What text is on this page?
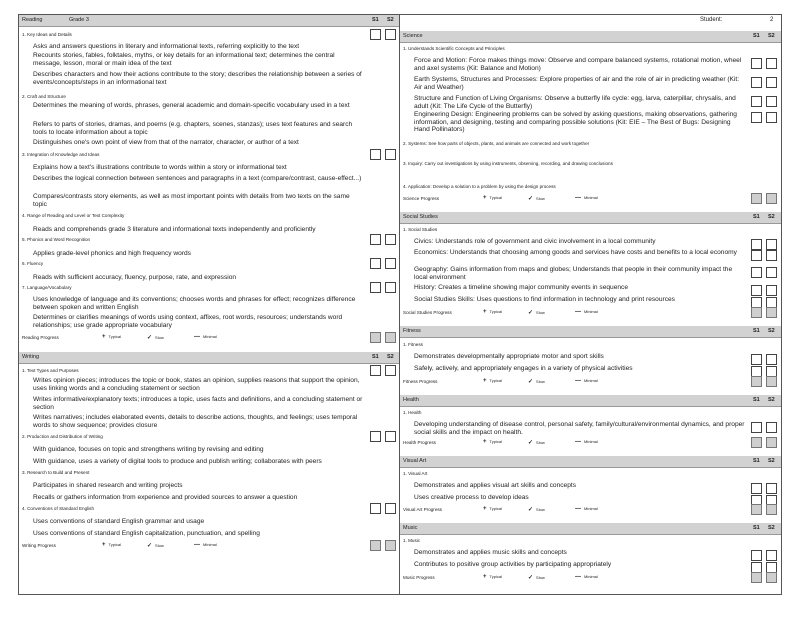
Reading	Grade 3	S1 S2
1. Key Ideas and Details
Asks and answers questions in literary and informational texts, referring explicitly to the text
Recounts stories, fables, folktales, myths, or key details for an informational text; determines the central message, lesson, moral or main idea of the text
Describes characters and how their actions contribute to the story; describes the relationship between a series of events/concepts/steps in an informational text
2. Craft and Structure
Determines the meaning of words, phrases, general academic and domain-specific vocabulary used in a text
Refers to parts of stories, dramas, and poems (e.g. chapters, scenes, stanzas); uses text features and search tools to locate information about a topic
Distinguishes one's own point of view from that of the narrator, character, or author of a text
3. Integration of Knowledge and Ideas
Explains how a text's illustrations contribute to words within a story or informational text
Describes the logical connection between sentences and paragraphs in a text (compare/contrast, cause-effect...)
Compares/contrasts story elements, as well as most important points with details from two texts on the same topic
4. Range of Reading and Level or Text Complexity
Reads and comprehends grade 3 literature and informational texts independently and proficiently
5. Phonics and Word Recognition
Applies grade-level phonics and high frequency words
6. Fluency
Reads with sufficient accuracy, fluency, purpose, rate, and expression
7. Language/Vocabulary
Uses knowledge of language and its conventions; chooses words and phrases for effect; recognizes difference between spoken and written English
Determines or clarifies meanings of words using context, affixes, root words, resources; understands word relationships; use grade appropriate vocabulary
Reading Progress	+ Typical	✓ Slow	— Minimal
Writing	S1 S2
1. Text Types and Purposes
Writes opinion pieces; introduces the topic or book, states an opinion, supplies reasons that support the opinion, uses linking words and a concluding statement or section
Writes informative/explanatory texts; introduces a topic, uses facts and definitions, and a concluding statement or section
Writes narratives; includes elaborated events, details to describe actions, thoughts, and feelings; uses temporal words to show sequence; provides closure
2. Production and Distribution of Writing
With guidance, focuses on topic and strengthens writing by revising and editing
With guidance, uses a variety of digital tools to produce and publish writing; collaborates with peers
3. Research to Build and Present
Participates in shared research and writing projects
Recalls or gathers information from experience and provided sources to answer a question
4. Conventions of Standard English
Uses conventions of standard English grammar and usage
Uses conventions of standard English capitalization, punctuation, and spelling
Writing Progress	+ Typical	✓ Slow	— Minimal
Student:	2
Science	S1 S2
1. Understands Scientific Concepts and Principles
Force and Motion: Force makes things move: Observe and compare balanced systems, rotational motion, wheel and axel systems (Kit: Balance and Motion)
Earth Systems, Structures and Processes: Explore properties of air and the role of air in predicting weather (Kit: Air and Weather)
Structure and Function of Living Organisms: Observe a butterfly life cycle: egg, larva, caterpillar, chrysalis, and adult (Kit: The Life Cycle of the Butterfly)
Engineering Design: Engineering problems can be solved by asking questions, making observations, gathering information, and designing, testing and comparing possible solutions (Kit: EIE – The Best of Bugs: Designing Hand Pollinators)
2. Systems: See how parts of objects, plants, and animals are connected and work together
3. Inquiry: Carry out investigations by using instruments, observing, recording, and drawing conclusions
4. Application: Develop a solution to a problem by using the design process
Science Progress	+ Typical	✓ Slow	— Minimal
Social Studies	S1 S2
1. Social Studies
Civics: Understands role of government and civic involvement in a local community
Economics: Understands that choosing among goods and services have costs and benefits to a local economy
Geography: Gains information from maps and globes; Understands that people in their community impact the local environment
History: Creates a timeline showing major community events in sequence
Social Studies Skills: Uses questions to find information in technology and print resources
Social Studies Progress	+ Typical	✓ Slow	— Minimal
Fitness	S1 S2
1. Fitness
Demonstrates developmentally appropriate motor and sport skills
Safely, actively, and appropriately engages in a variety of physical activities
Fitness Progress	+ Typical	✓ Slow	— Minimal
Health	S1 S2
1. Health
Developing understanding of disease control, personal safety, family/cultural/environmental dynamics, and proper social skills and the impact on health.
Health Progress	+ Typical	✓ Slow	— Minimal
Visual Art	S1 S2
1. Visual Art
Demonstrates and applies visual art skills and concepts
Uses creative process to develop ideas
Visual Art Progress	+ Typical	✓ Slow	— Minimal
Music	S1 S2
1. Music
Demonstrates and applies music skills and concepts
Contributes to positive group activities by participating appropriately
Music Progress	+ Typical	✓ Slow	— Minimal
